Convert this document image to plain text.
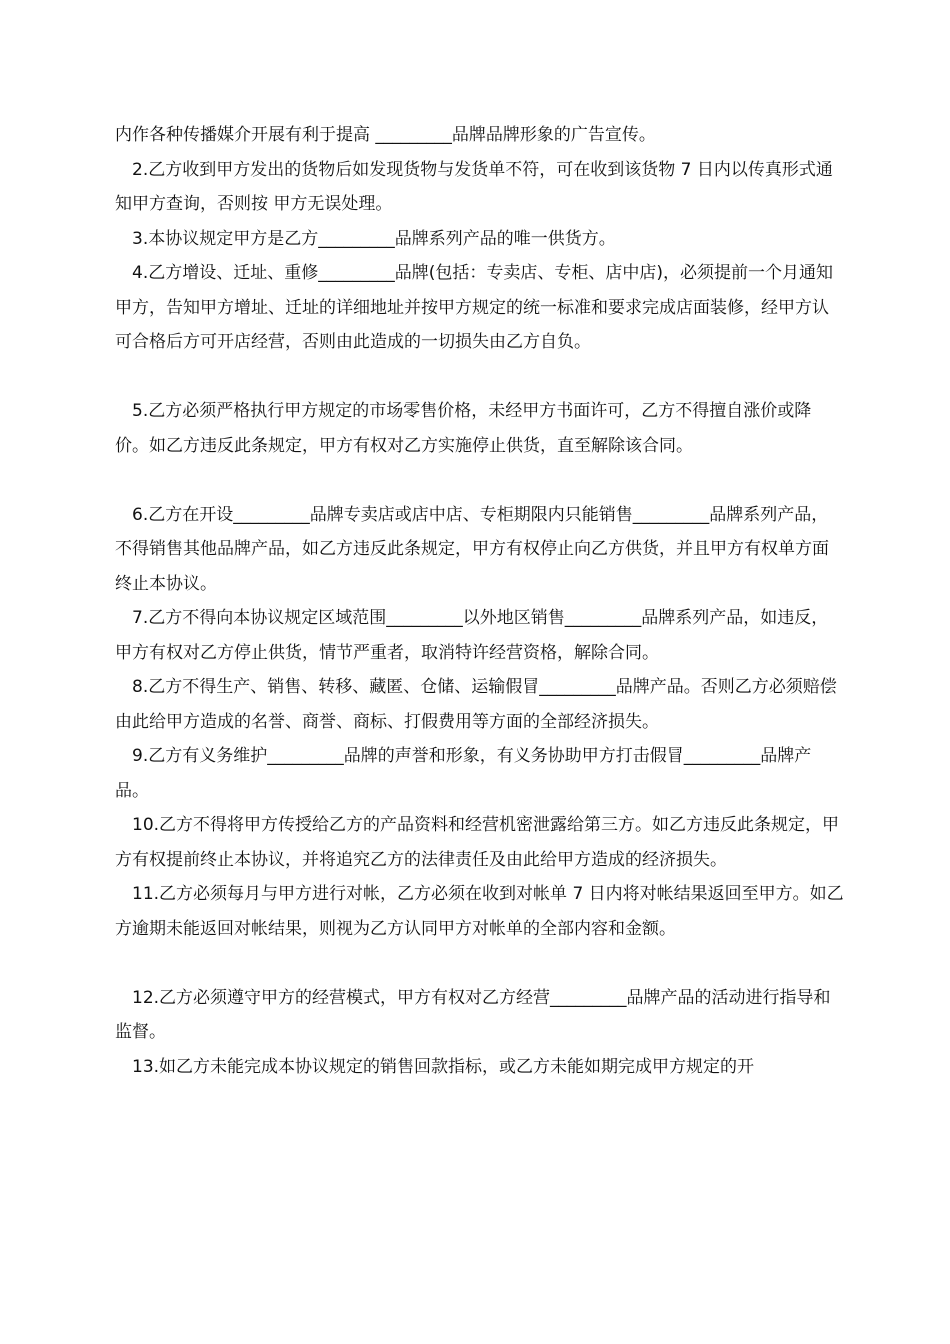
内作各种传播媒介开展有利于提高 _________品牌品牌形象的广告宣传。

2.乙方收到甲方发出的货物后如发现货物与发货单不符，可在收到该货物 7 日内以传真形式通知甲方查询，否则按 甲方无误处理。

3.本协议规定甲方是乙方_________品牌系列产品的唯一供货方。

4.乙方增设、迁址、重修_________品牌(包括：专卖店、专柜、店中店)，必须提前一个月通知甲方，告知甲方增址、迁址的详细地址并按甲方规定的统一标准和要求完成店面装修，经甲方认可合格后方可开店经营，否则由此造成的一切损失由乙方自负。

5.乙方必须严格执行甲方规定的市场零售价格，未经甲方书面许可，乙方不得擅自涨价或降价。如乙方违反此条规定，甲方有权对乙方实施停止供货，直至解除该合同。

6.乙方在开设_________品牌专卖店或店中店、专柜期限内只能销售_________品牌系列产品，不得销售其他品牌产品，如乙方违反此条规定，甲方有权停止向乙方供货，并且甲方有权单方面终止本协议。

7.乙方不得向本协议规定区域范围_________以外地区销售_________品牌系列产品，如违反，甲方有权对乙方停止供货，情节严重者，取消特许经营资格，解除合同。

8.乙方不得生产、销售、转移、藏匿、仓储、运输假冒_________品牌产品。否则乙方必须赔偿由此给甲方造成的名誉、商誉、商标、打假费用等方面的全部经济损失。

9.乙方有义务维护_________品牌的声誉和形象，有义务协助甲方打击假冒_________品牌产品。

10.乙方不得将甲方传授给乙方的产品资料和经营机密泄露给第三方。如乙方违反此条规定，甲方有权提前终止本协议，并将追究乙方的法律责任及由此给甲方造成的经济损失。

11.乙方必须每月与甲方进行对帐，乙方必须在收到对帐单 7 日内将对帐结果返回至甲方。如乙方逾期未能返回对帐结果，则视为乙方认同甲方对帐单的全部内容和金额。

12.乙方必须遵守甲方的经营模式，甲方有权对乙方经营_________品牌产品的活动进行指导和监督。

13.如乙方未能完成本协议规定的销售回款指标，或乙方未能如期完成甲方规定的开
